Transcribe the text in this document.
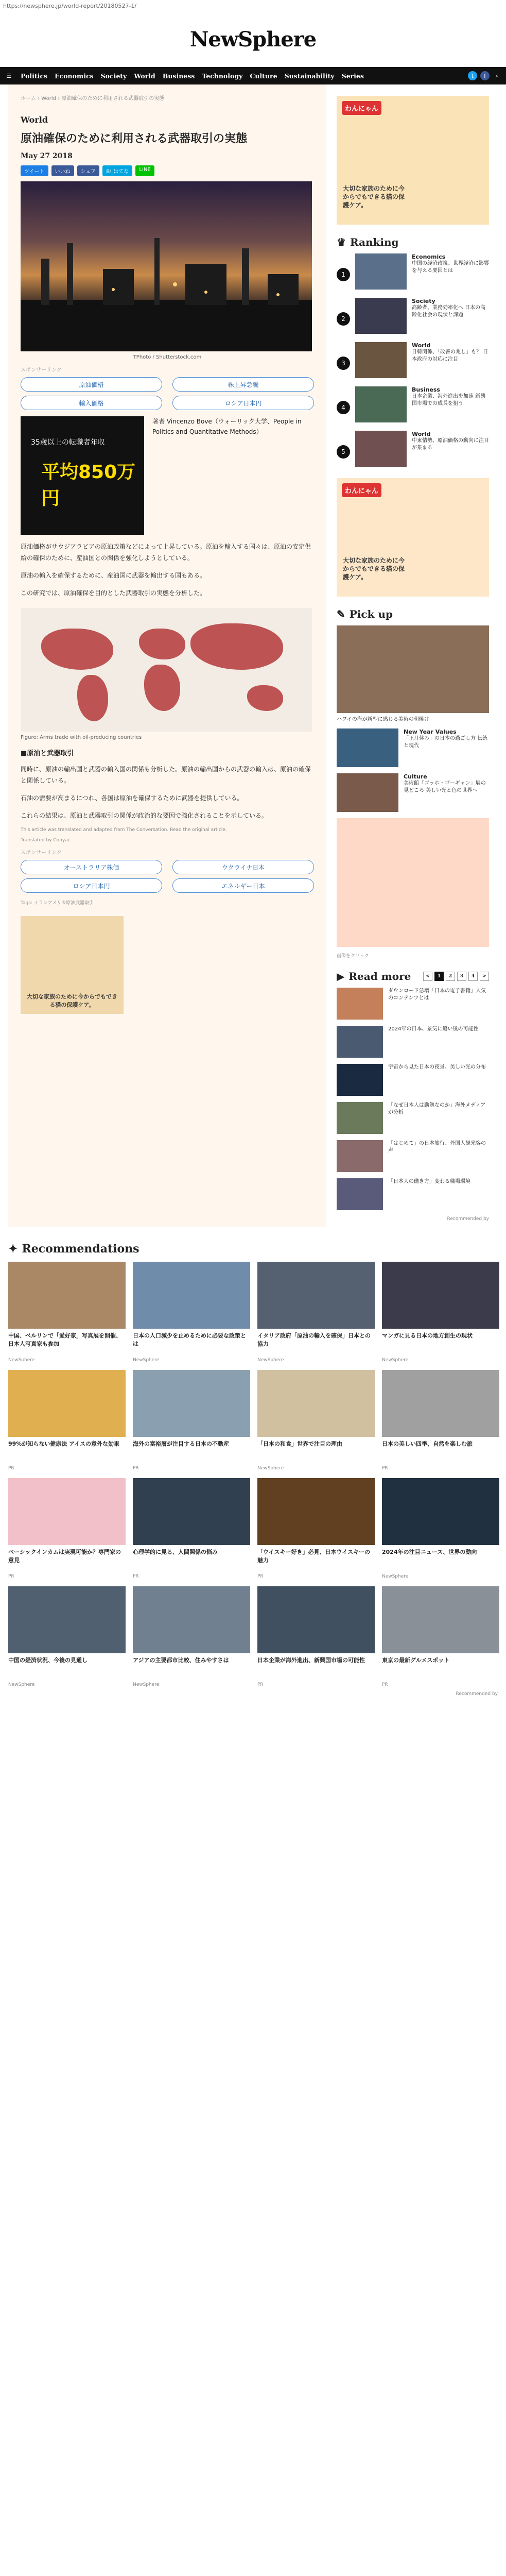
https://newsphere.jp/world-report/20180527-1/
NewSphere
☰	Politics Economics Society World Business Technology Culture Sustainability Series	t	f	⌕
ホーム › World › 原油確保のために利用される武器取引の実態
World
原油確保のために利用される武器取引の実態
May 27 2018
ツイート	いいね	シェア	B! はてな	LINE
TPhoto / Shutterstock.com
スポンサーリンク
原油価格	株上昇急騰
輸入価格	ロシア日本円
35歳以上の転職者年収
平均850万円
著者 Vincenzo Bove（ウォーリック大学、People in Politics and Quantitative Methods）

原油価格がサウジアラビアの原油政策などによって上昇している。原油を輸入する国々は、原油の安定供給の確保のために、産油国との関係を強化しようとしている。

原油の輸入を確保するために、産油国に武器を輸出する国もある。

この研究では、原油確保を目的とした武器取引の実態を分析した。

Figure: Arms trade with oil-producing countries
■原油と武器取引

同時に、原油の輸出国と武器の輸入国の関係も分析した。原油の輸出国からの武器の輸入は、原油の確保と関係している。

石油の需要が高まるにつれ、各国は原油を確保するために武器を提供している。

これらの結果は、原油と武器取引の関係が政治的な要因で強化されることを示している。

This article was translated and adapted from The Conversation. Read the original article.
Translated by Conyac
スポンサーリンク
オーストラリア株価	ウクライナ日本
ロシア日本円	エネルギー日本
Tags: イランアメリカ原油武器取引
大切な家族のために今からでもできる猫の保護ケア。
わんにゃん
大切な家族のために今からでもできる猫の保護ケア。
♛ Ranking
1
Economics
中国の経済政策、世界経済に影響を与える要因とは
2
Society
高齢者、業務効率化へ 日本の高齢化社会の現状と課題
3
World
日韓関係、「改善の兆し」も？ 日本政府の対応に注目
4
Business
日本企業、海外進出を加速 新興国市場での成長を狙う
5
World
中東情勢、原油価格の動向に注目が集まる
わんにゃん
大切な家族のために今からでもできる猫の保護ケア。
✎ Pick up
ハワイの海が新型に感じる美術の朝焼け
New Year Values
「正月休み」の日本の過ごし方 伝統と現代
Culture
美術館「ゴッホ・ゴーギャン」展の見どころ 美しい光と色の世界へ
画像をクリック
▶ Read more	<	1	2	3	4	>
ダウンロード急増「日本の電子書籍」人気のコンテンツとは
2024年の日本、景気に追い風の可能性
宇宙から見た日本の夜景、美しい光の分布
「なぜ日本人は勤勉なのか」海外メディアが分析
「はじめて」の日本旅行、外国人観光客の声
「日本人の働き方」変わる職場環境
Recommended by
✦ Recommendations
中国、ベルリンで「愛好家」写真展を開催、日本人写真家も参加
NewSphere
日本の人口減少を止めるために必要な政策とは
NewSphere
イタリア政府「原油の輸入を確保」日本との協力
NewSphere
マンガに見る日本の地方創生の現状
NewSphere
99%が知らない健康法 アイスの意外な効果
PR
海外の富裕層が注目する日本の不動産
PR
「日本の和食」世界で注目の理由
NewSphere
日本の美しい四季、自然を楽しむ旅
PR
ベーシックインカムは実現可能か？専門家の意見
PR
心理学的に見る、人間関係の悩み
PR
「ウイスキー好き」必見、日本ウイスキーの魅力
PR
2024年の注目ニュース、世界の動向
NewSphere
中国の経済状況、今後の見通し
NewSphere
アジアの主要都市比較、住みやすさは
NewSphere
日本企業が海外進出、新興国市場の可能性
PR
東京の最新グルメスポット
PR
Recommended by
